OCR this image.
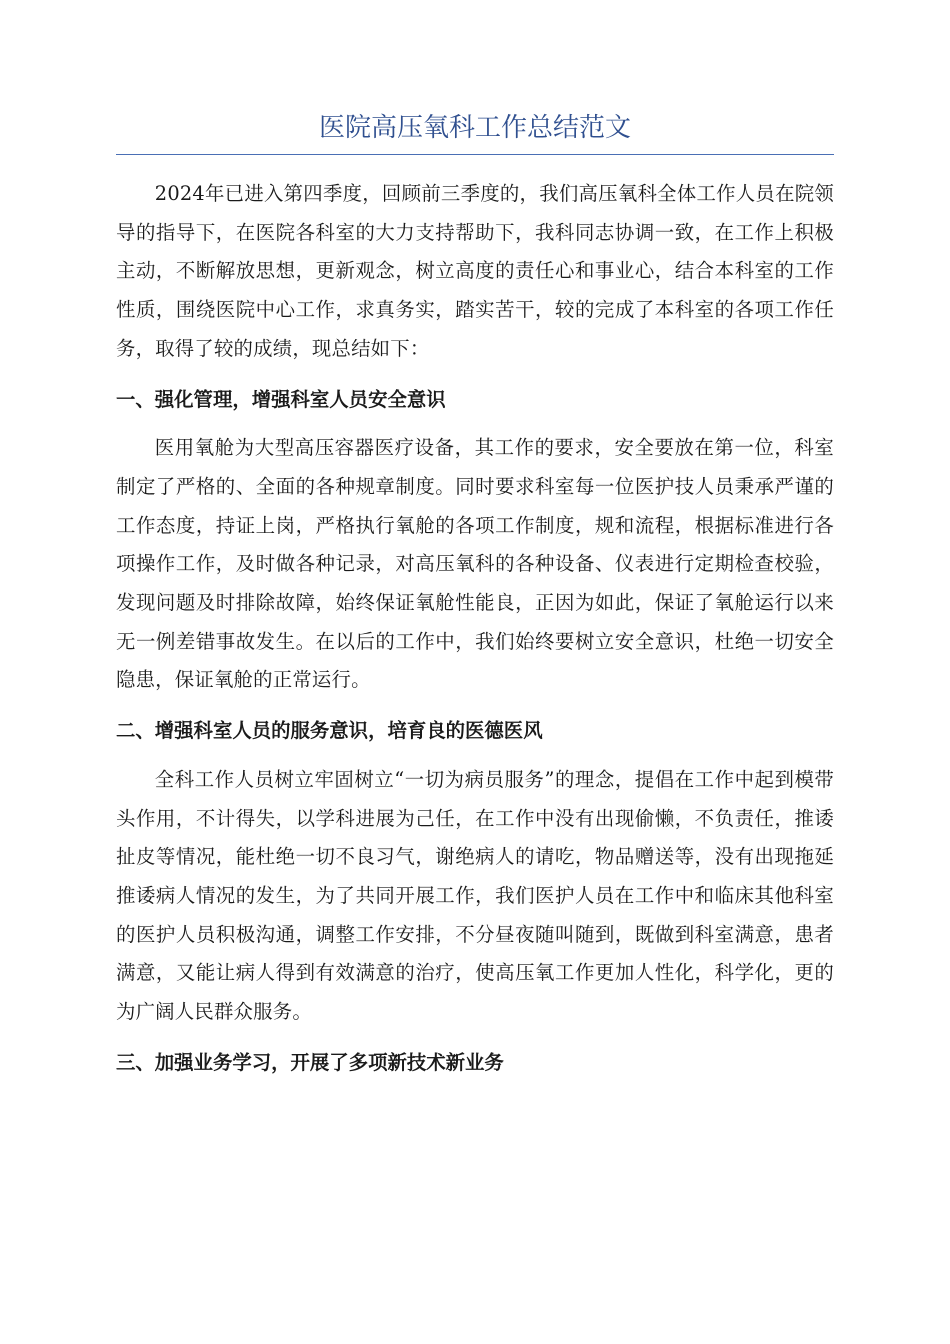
医院高压氧科工作总结范文

2024年已进入第四季度，回顾前三季度的，我们高压氧科全体工作人员在院领导的指导下，在医院各科室的大力支持帮助下，我科同志协调一致，在工作上积极主动，不断解放思想，更新观念，树立高度的责任心和事业心，结合本科室的工作性质，围绕医院中心工作，求真务实，踏实苦干，较的完成了本科室的各项工作任务，取得了较的成绩，现总结如下：

一、强化管理，增强科室人员安全意识

医用氧舱为大型高压容器医疗设备，其工作的要求，安全要放在第一位，科室制定了严格的、全面的各种规章制度。同时要求科室每一位医护技人员秉承严谨的工作态度，持证上岗，严格执行氧舱的各项工作制度，规和流程，根据标准进行各项操作工作，及时做各种记录，对高压氧科的各种设备、仪表进行定期检查校验，发现问题及时排除故障，始终保证氧舱性能良，正因为如此，保证了氧舱运行以来无一例差错事故发生。在以后的工作中，我们始终要树立安全意识，杜绝一切安全隐患，保证氧舱的正常运行。

二、增强科室人员的服务意识，培育良的医德医风

全科工作人员树立牢固树立“一切为病员服务”的理念，提倡在工作中起到模带头作用，不计得失，以学科进展为己任，在工作中没有出现偷懒，不负责任，推诿扯皮等情况，能杜绝一切不良习气，谢绝病人的请吃，物品赠送等，没有出现拖延推诿病人情况的发生，为了共同开展工作，我们医护人员在工作中和临床其他科室的医护人员积极沟通，调整工作安排，不分昼夜随叫随到，既做到科室满意，患者满意，又能让病人得到有效满意的治疗，使高压氧工作更加人性化，科学化，更的为广阔人民群众服务。

三、加强业务学习，开展了多项新技术新业务
